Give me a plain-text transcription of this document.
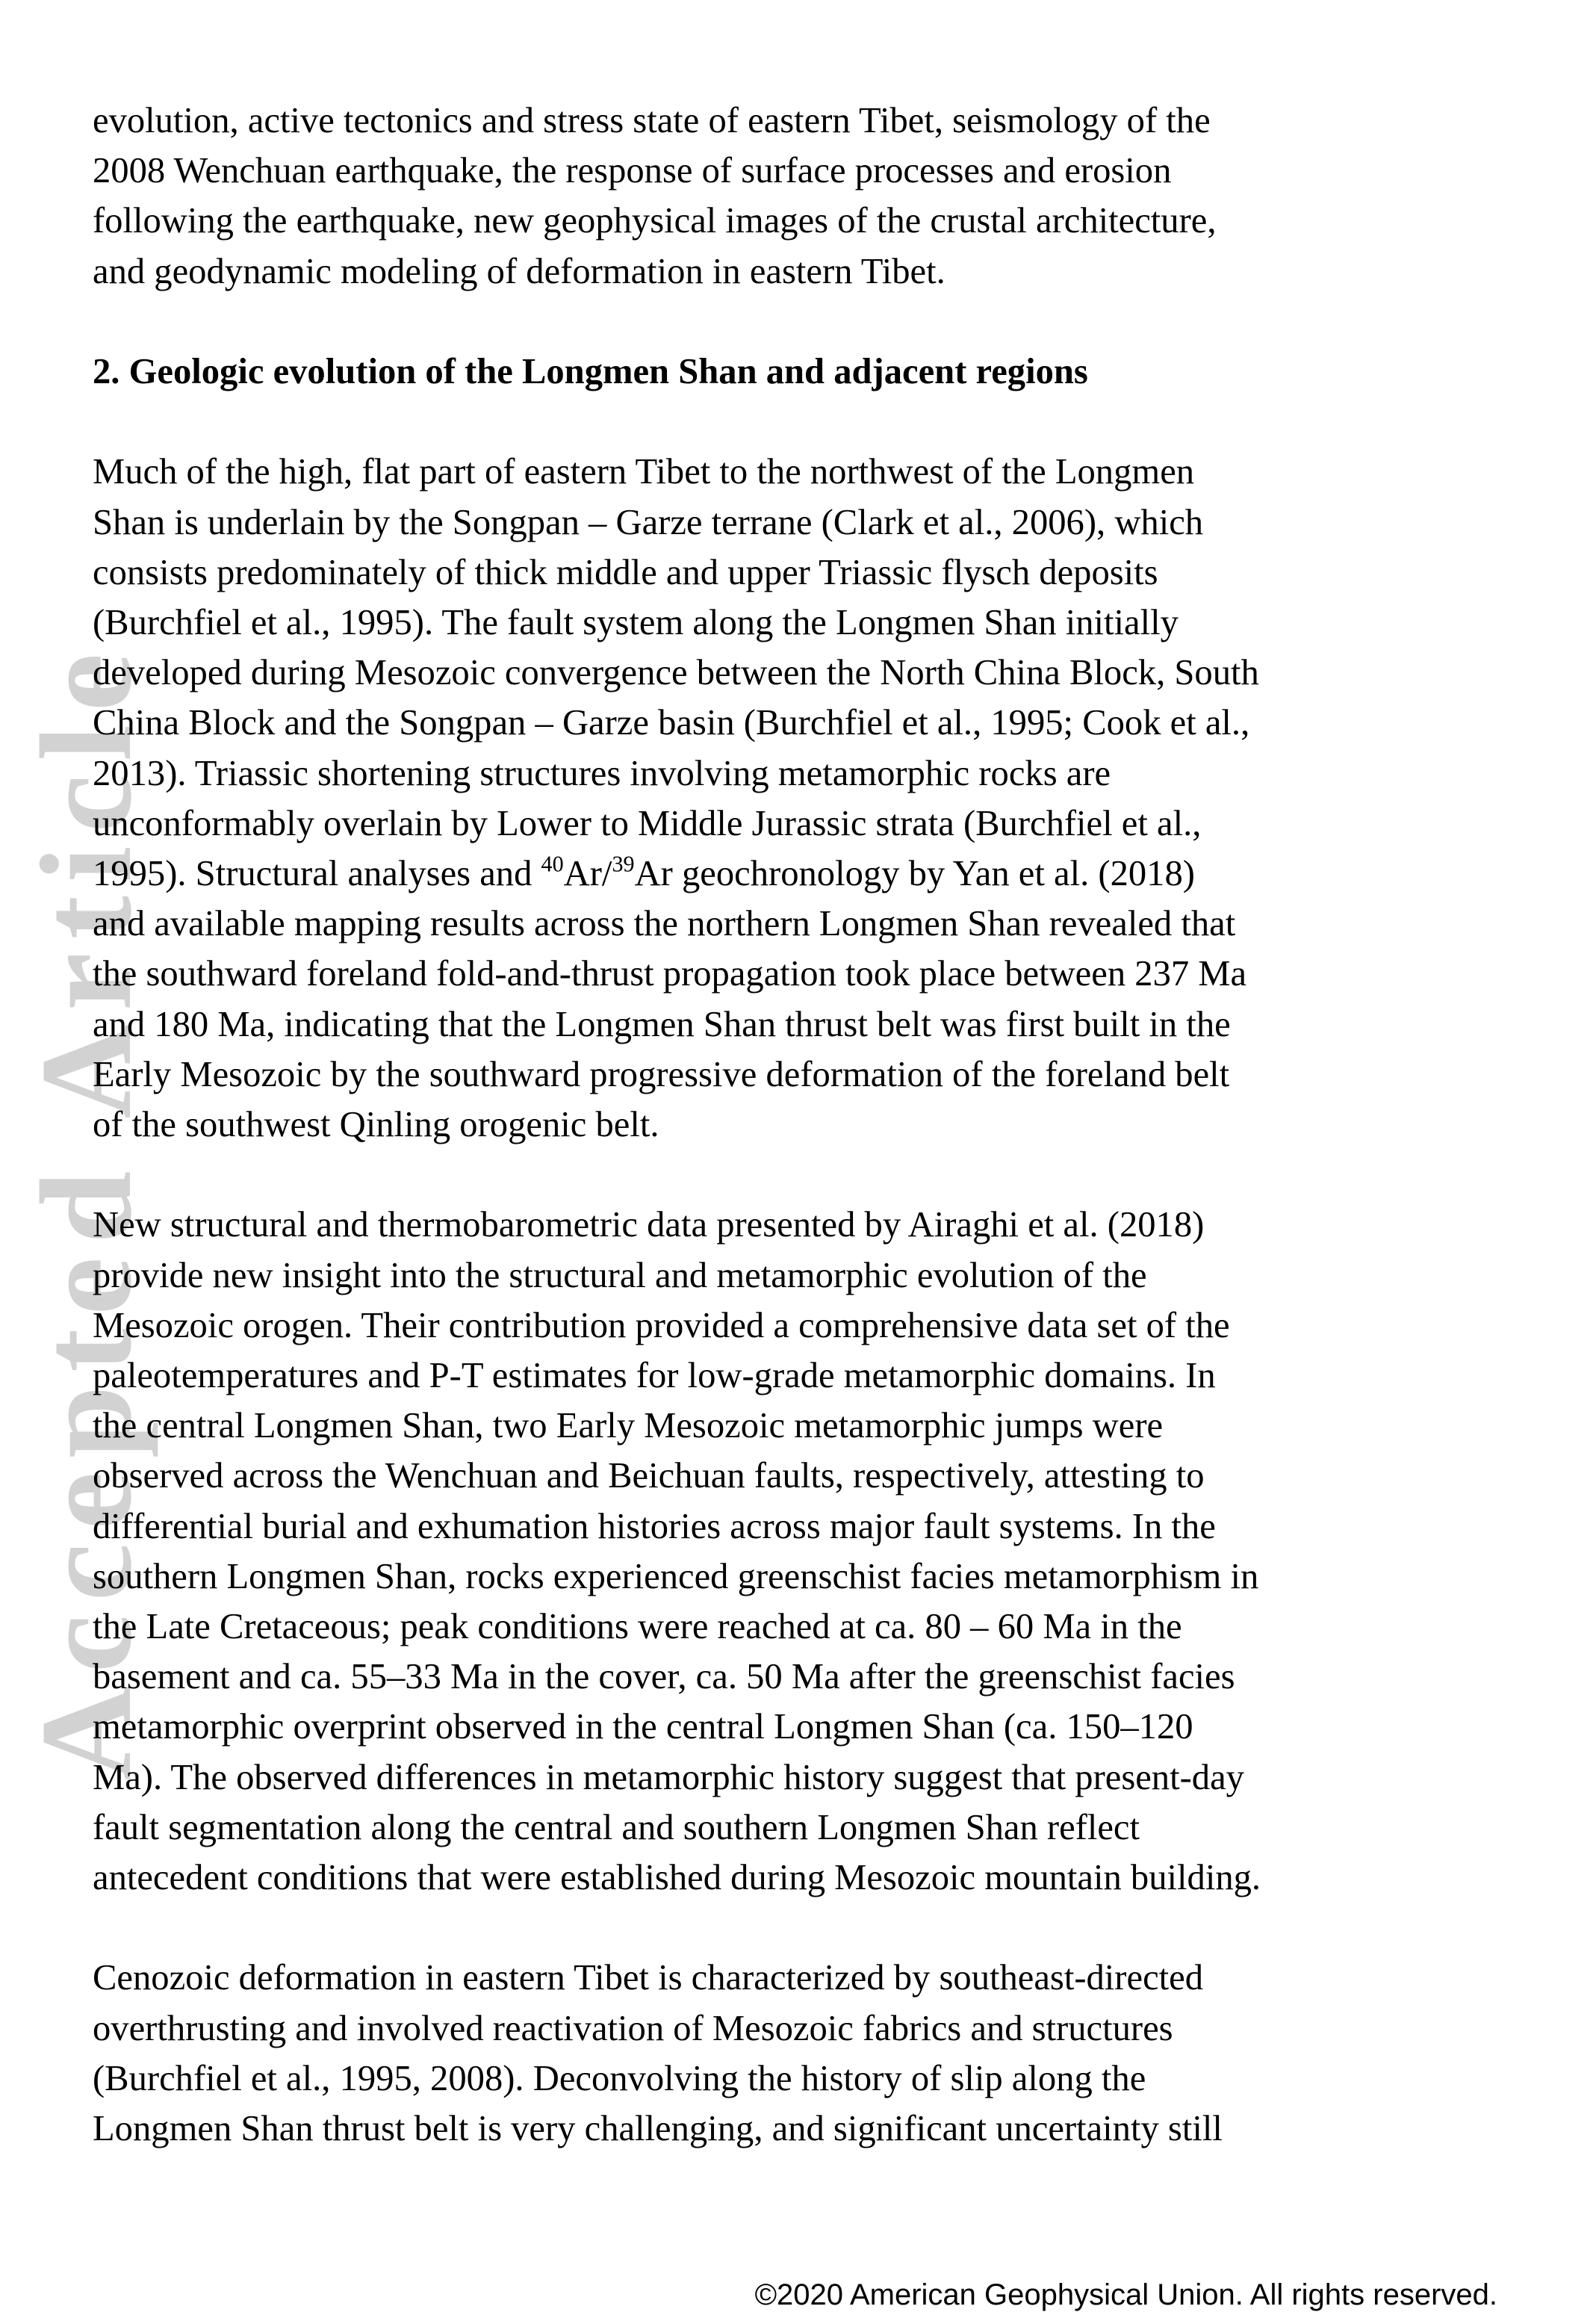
Accepted Article

evolution, active tectonics and stress state of eastern Tibet, seismology of the

2008 Wenchuan earthquake, the response of surface processes and erosion

following the earthquake, new geophysical images of the crustal architecture,

and geodynamic modeling of deformation in eastern Tibet.

2. Geologic evolution of the Longmen Shan and adjacent regions

Much of the high, flat part of eastern Tibet to the northwest of the Longmen

Shan is underlain by the Songpan – Garze terrane (Clark et al., 2006), which

consists predominately of thick middle and upper Triassic flysch deposits

(Burchfiel et al., 1995). The fault system along the Longmen Shan initially

developed during Mesozoic convergence between the North China Block, South

China Block and the Songpan – Garze basin (Burchfiel et al., 1995; Cook et al.,

2013). Triassic shortening structures involving metamorphic rocks are

unconformably overlain by Lower to Middle Jurassic strata (Burchfiel et al.,

1995). Structural analyses and $^{40}$Ar/$^{39}$Ar geochronology by Yan et al. (2018)

and available mapping results across the northern Longmen Shan revealed that

the southward foreland fold-and-thrust propagation took place between 237 Ma

and 180 Ma, indicating that the Longmen Shan thrust belt was first built in the

Early Mesozoic by the southward progressive deformation of the foreland belt

of the southwest Qinling orogenic belt.

New structural and thermobarometric data presented by Airaghi et al. (2018)

provide new insight into the structural and metamorphic evolution of the

Mesozoic orogen. Their contribution provided a comprehensive data set of the

paleotemperatures and P-T estimates for low-grade metamorphic domains. In

the central Longmen Shan, two Early Mesozoic metamorphic jumps were

observed across the Wenchuan and Beichuan faults, respectively, attesting to

differential burial and exhumation histories across major fault systems. In the

southern Longmen Shan, rocks experienced greenschist facies metamorphism in

the Late Cretaceous; peak conditions were reached at ca. 80 – 60 Ma in the

basement and ca. 55–33 Ma in the cover, ca. 50 Ma after the greenschist facies

metamorphic overprint observed in the central Longmen Shan (ca. 150–120

Ma). The observed differences in metamorphic history suggest that present-day

fault segmentation along the central and southern Longmen Shan reflect

antecedent conditions that were established during Mesozoic mountain building.

Cenozoic deformation in eastern Tibet is characterized by southeast-directed

overthrusting and involved reactivation of Mesozoic fabrics and structures

(Burchfiel et al., 1995, 2008). Deconvolving the history of slip along the

Longmen Shan thrust belt is very challenging, and significant uncertainty still

©2020 American Geophysical Union. All rights reserved.
